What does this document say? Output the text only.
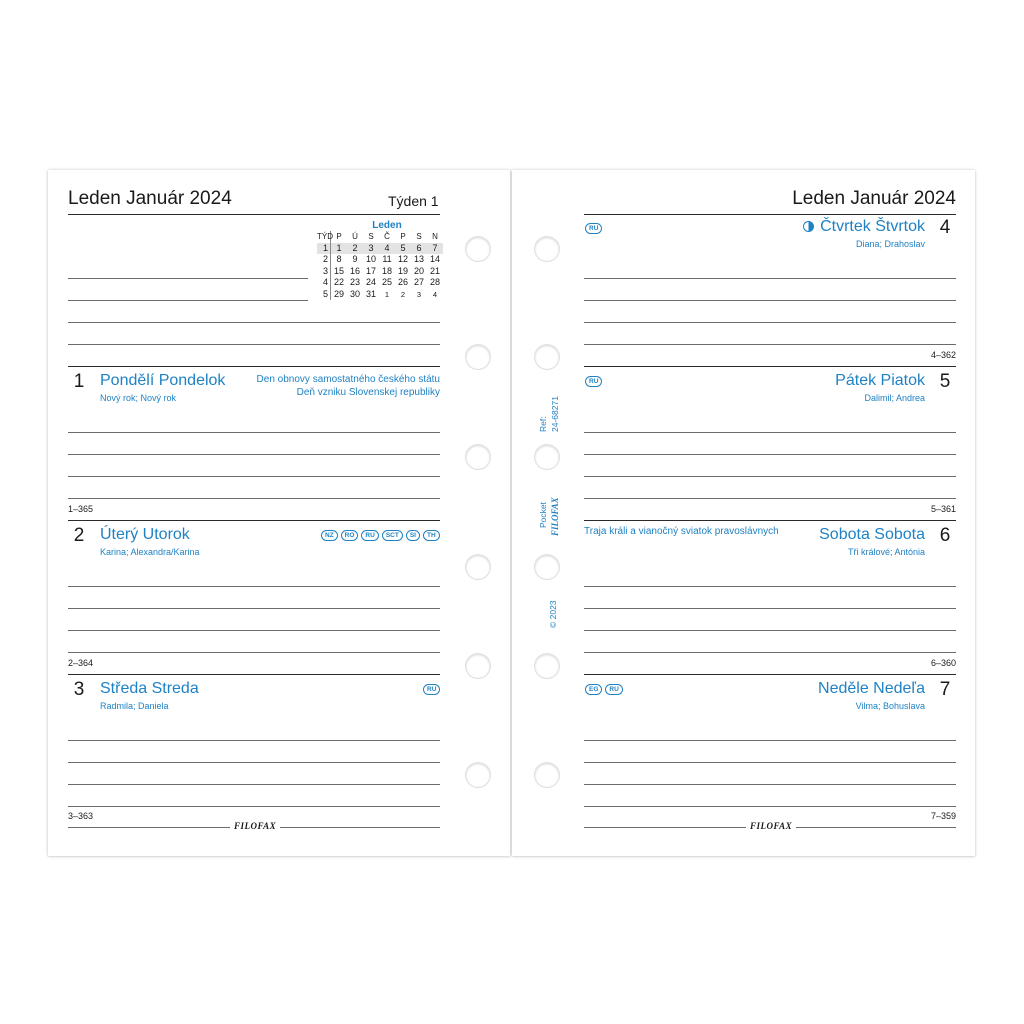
Leden Január 2024	Týden 1
Leden
TÝD P	Ú	S	Č	P	S	N
1 1	2	3	4	5	6	7
2 8	9 10 11 12 13 14
3 15 16 17 18 19 20 21
4 22 23 24 25 26 27 28
5 29 30 31	1	2	3	4
1 Pondělí Pondelok
Nový rok; Nový rok
Den obnovy samostatného českého státu
Deň vzniku Slovenskej republiky
1–365
2 Úterý Utorok
Karina; Alexandra/Karina
NZ	RO	RU	SCT	SI	TH
2–364
3 Středa Streda
Radmila; Daniela
RU
3–363
FILOFAX
Ref: 24-68271
Pocket FILOFAX
© 2023
Leden Január 2024
RU	Čtvrtek Štvrtok 4
Diana; Drahoslav
4–362
RU	Pátek Piatok 5
Dalimil; Andrea
5–361
Traja králi a vianočný sviatok pravoslávnych	Sobota Sobota 6
Tři králové; Antónia
6–360
EG	RU	Neděle Nedeľa 7
Vilma; Bohuslava
7–359
FILOFAX
